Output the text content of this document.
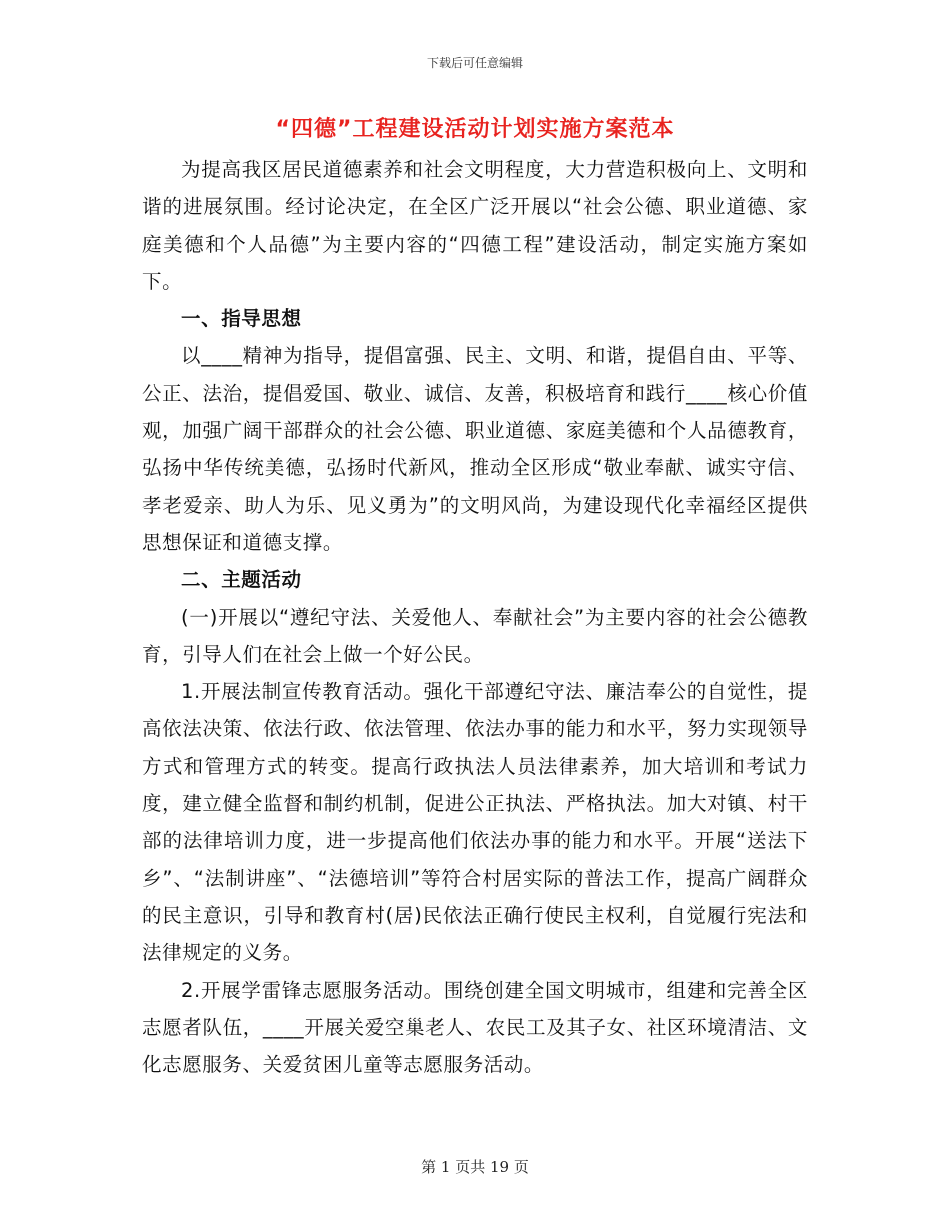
下载后可任意编辑
“四德”工程建设活动计划实施方案范本

为提高我区居民道德素养和社会文明程度，大力营造积极向上、文明和谐的进展氛围。经讨论决定，在全区广泛开展以“社会公德、职业道德、家庭美德和个人品德”为主要内容的“四德工程”建设活动，制定实施方案如下。

一、指导思想

以____精神为指导，提倡富强、民主、文明、和谐，提倡自由、平等、公正、法治，提倡爱国、敬业、诚信、友善，积极培育和践行____核心价值观，加强广阔干部群众的社会公德、职业道德、家庭美德和个人品德教育，弘扬中华传统美德，弘扬时代新风，推动全区形成“敬业奉献、诚实守信、孝老爱亲、助人为乐、见义勇为”的文明风尚，为建设现代化幸福经区提供思想保证和道德支撑。

二、主题活动

(一)开展以“遵纪守法、关爱他人、奉献社会”为主要内容的社会公德教育，引导人们在社会上做一个好公民。

1.开展法制宣传教育活动。强化干部遵纪守法、廉洁奉公的自觉性，提高依法决策、依法行政、依法管理、依法办事的能力和水平，努力实现领导方式和管理方式的转变。提高行政执法人员法律素养，加大培训和考试力度，建立健全监督和制约机制，促进公正执法、严格执法。加大对镇、村干部的法律培训力度，进一步提高他们依法办事的能力和水平。开展“送法下乡”、“法制讲座”、“法德培训”等符合村居实际的普法工作，提高广阔群众的民主意识，引导和教育村(居)民依法正确行使民主权利，自觉履行宪法和法律规定的义务。

2.开展学雷锋志愿服务活动。围绕创建全国文明城市，组建和完善全区志愿者队伍，____开展关爱空巢老人、农民工及其子女、社区环境清洁、文化志愿服务、关爱贫困儿童等志愿服务活动。

第 1 页共 19 页
